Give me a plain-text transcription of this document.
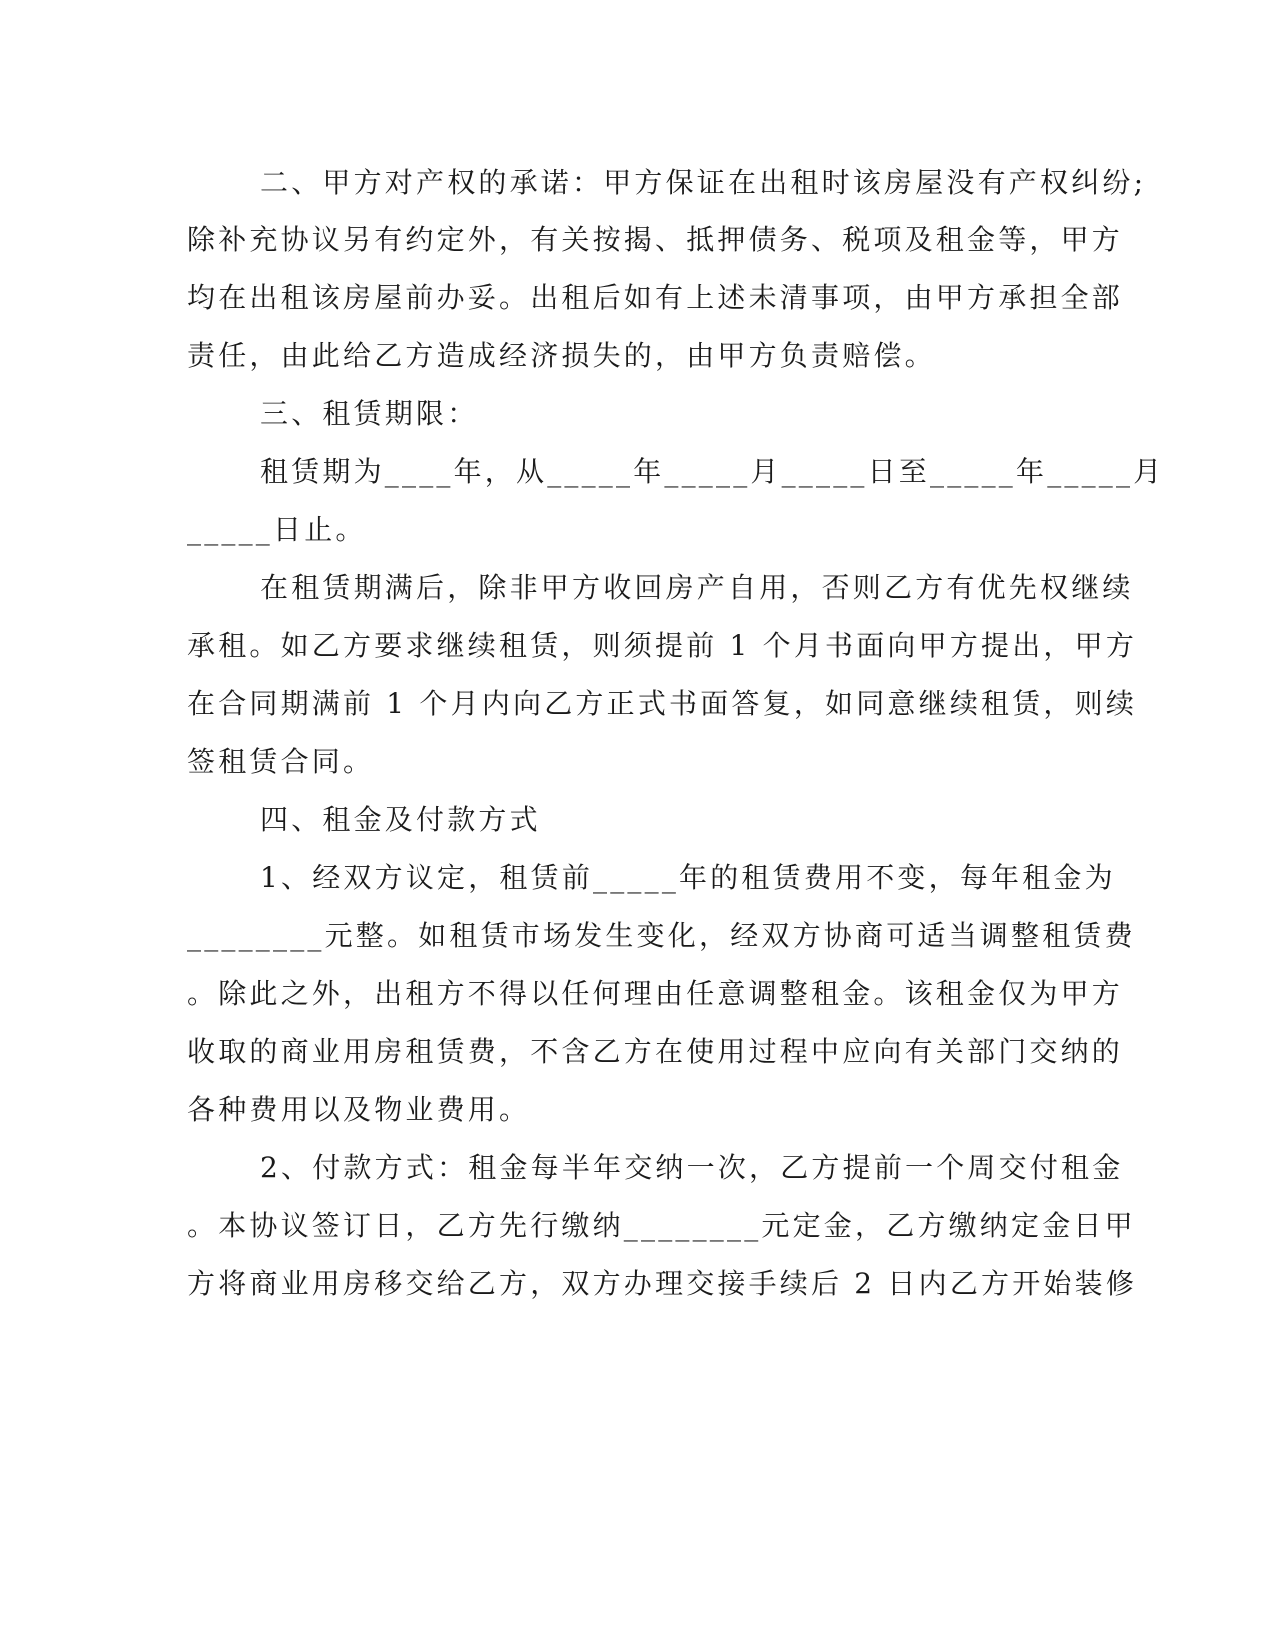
二、甲方对产权的承诺：甲方保证在出租时该房屋没有产权纠纷;
除补充协议另有约定外，有关按揭、抵押债务、税项及租金等，甲方
均在出租该房屋前办妥。出租后如有上述未清事项，由甲方承担全部
责任，由此给乙方造成经济损失的，由甲方负责赔偿。
三、租赁期限：
租赁期为____年，从_____年_____月_____日至_____年_____月
_____日止。
在租赁期满后，除非甲方收回房产自用，否则乙方有优先权继续
承租。如乙方要求继续租赁，则须提前 1 个月书面向甲方提出，甲方
在合同期满前 1 个月内向乙方正式书面答复，如同意继续租赁，则续
签租赁合同。
四、租金及付款方式
1、经双方议定，租赁前_____年的租赁费用不变，每年租金为
________元整。如租赁市场发生变化，经双方协商可适当调整租赁费
。除此之外，出租方不得以任何理由任意调整租金。该租金仅为甲方
收取的商业用房租赁费，不含乙方在使用过程中应向有关部门交纳的
各种费用以及物业费用。
2、付款方式：租金每半年交纳一次，乙方提前一个周交付租金
。本协议签订日，乙方先行缴纳________元定金，乙方缴纳定金日甲
方将商业用房移交给乙方，双方办理交接手续后 2 日内乙方开始装修
